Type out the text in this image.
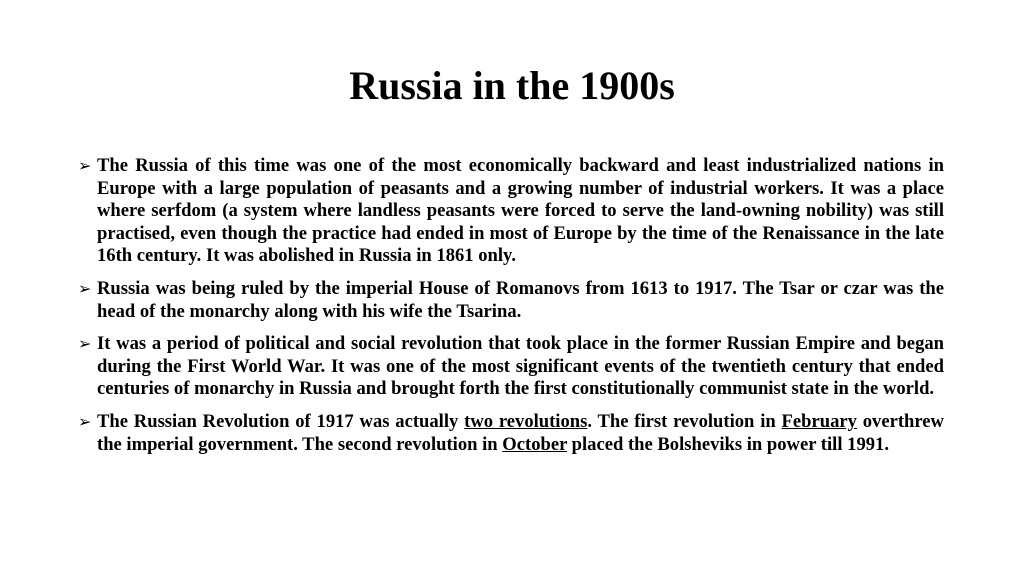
Russia in the 1900s
➢ The Russia of this time was one of the most economically backward and least industrialized nations in Europe with a large population of peasants and a growing number of industrial workers. It was a place where serfdom (a system where landless peasants were forced to serve the land-owning nobility) was still practised, even though the practice had ended in most of Europe by the time of the Renaissance in the late 16th century. It was abolished in Russia in 1861 only.
➢ Russia was being ruled by the imperial House of Romanovs from 1613 to 1917. The Tsar or czar was the head of the monarchy along with his wife the Tsarina.
➢ It was a period of political and social revolution that took place in the former Russian Empire and began during the First World War. It was one of the most significant events of the twentieth century that ended centuries of monarchy in Russia and brought forth the first constitutionally communist state in the world.
➢ The Russian Revolution of 1917 was actually two revolutions. The first revolution in February overthrew the imperial government. The second revolution in October placed the Bolsheviks in power till 1991.
